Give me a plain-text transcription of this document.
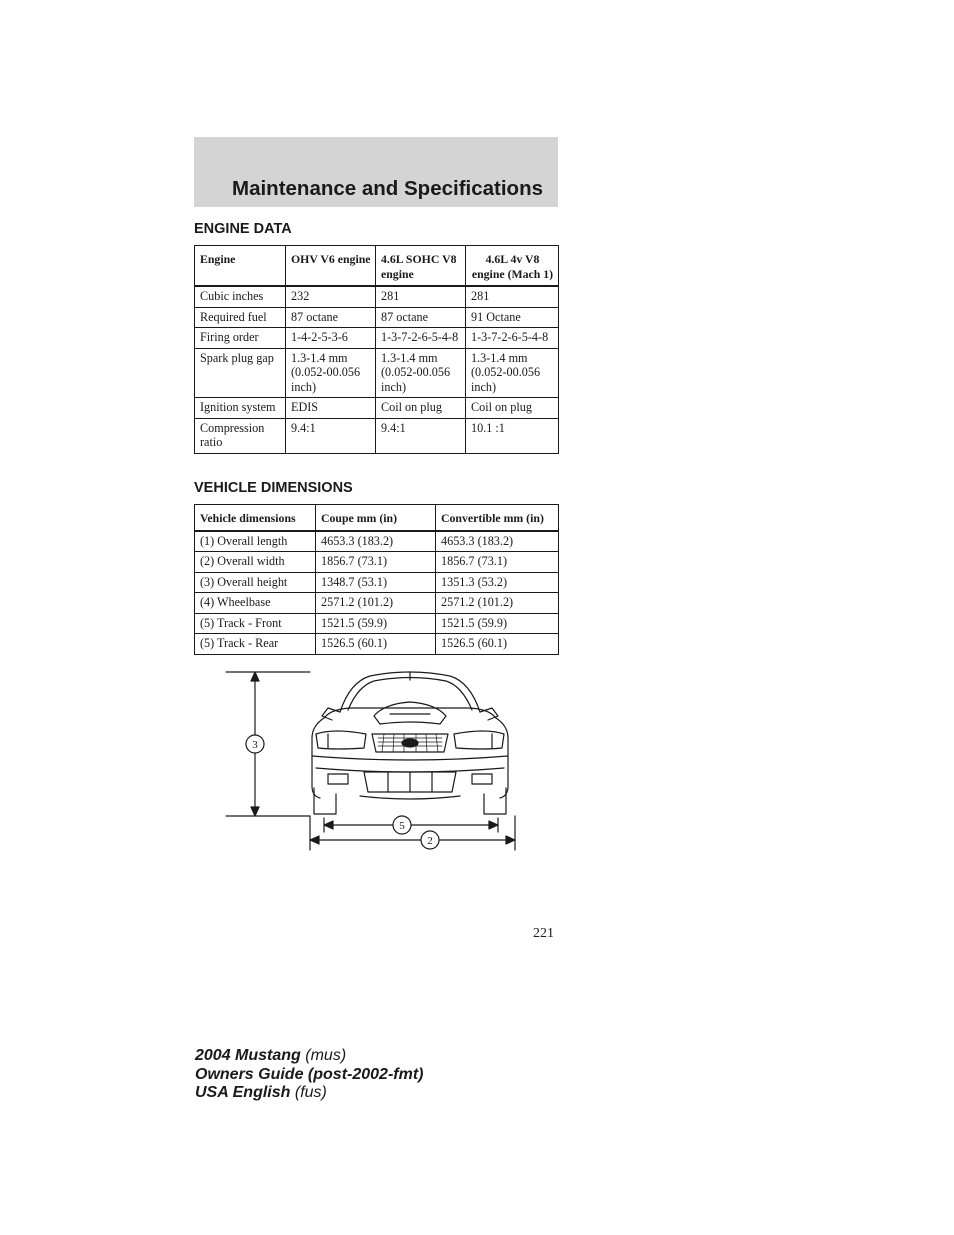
Maintenance and Specifications
ENGINE DATA
Engine	OHV V6 engine	4.6L SOHC V8 engine	4.6L 4v V8 engine (Mach 1)
Cubic inches	232	281	281
Required fuel	87 octane	87 octane	91 Octane
Firing order	1-4-2-5-3-6	1-3-7-2-6-5-4-8	1-3-7-2-6-5-4-8
Spark plug gap	1.3-1.4 mm (0.052-00.056 inch)	1.3-1.4 mm (0.052-00.056 inch)	1.3-1.4 mm (0.052-00.056 inch)
Ignition system	EDIS	Coil on plug	Coil on plug
Compression ratio	9.4:1	9.4:1	10.1 :1
VEHICLE DIMENSIONS
Vehicle dimensions	Coupe mm (in)	Convertible mm (in)
(1) Overall length	4653.3 (183.2)	4653.3 (183.2)
(2) Overall width	1856.7 (73.1)	1856.7 (73.1)
(3) Overall height	1348.7 (53.1)	1351.3 (53.2)
(4) Wheelbase	2571.2 (101.2)	2571.2 (101.2)
(5) Track - Front	1521.5 (59.9)	1521.5 (59.9)
(5) Track - Rear	1526.5 (60.1)	1526.5 (60.1)
3
5
2
221
2004 Mustang (mus)
Owners Guide (post-2002-fmt)
USA English (fus)
